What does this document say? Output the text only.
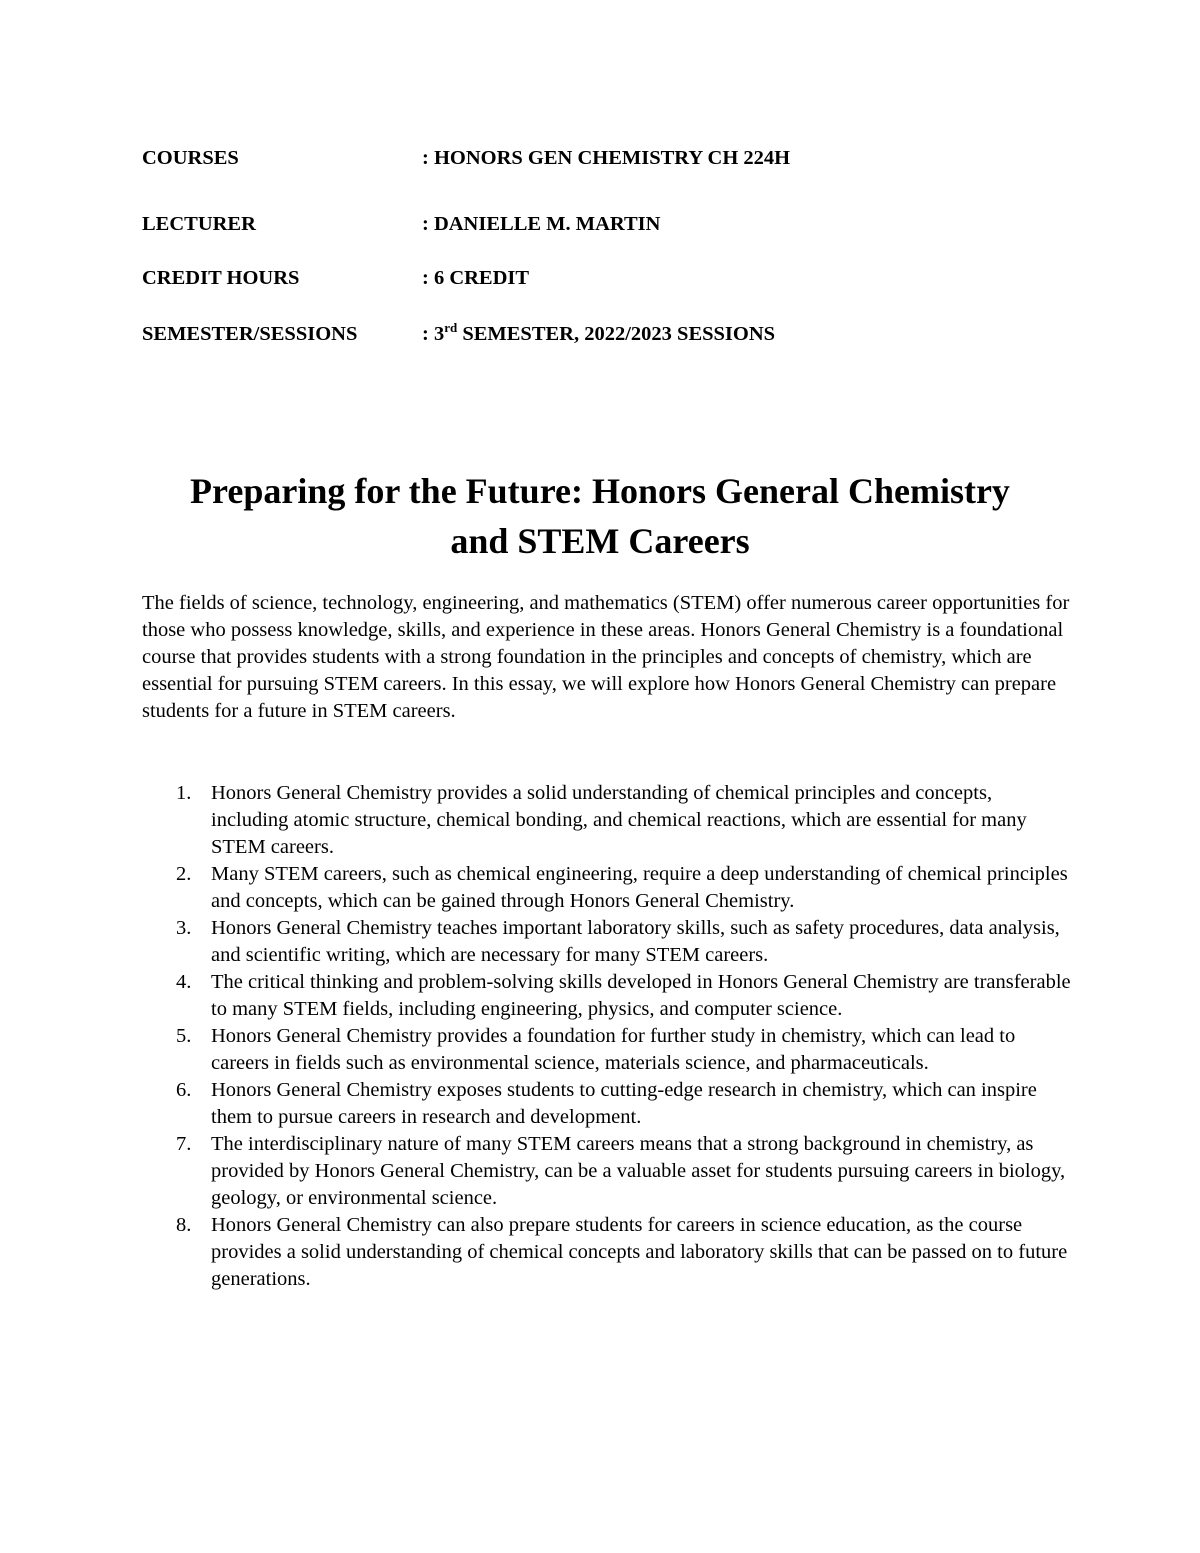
COURSES	: HONORS GEN CHEMISTRY CH 224H
LECTURER	: DANIELLE M. MARTIN
CREDIT HOURS	: 6 CREDIT
SEMESTER/SESSIONS	: 3rd SEMESTER, 2022/2023 SESSIONS
Preparing for the Future: Honors General Chemistry
and STEM Careers

The fields of science, technology, engineering, and mathematics (STEM) offer numerous career opportunities for those who possess knowledge, skills, and experience in these areas. Honors General Chemistry is a foundational course that provides students with a strong foundation in the principles and concepts of chemistry, which are essential for pursuing STEM careers. In this essay, we will explore how Honors General Chemistry can prepare students for a future in STEM careers.

1. Honors General Chemistry provides a solid understanding of chemical principles and concepts, including atomic structure, chemical bonding, and chemical reactions, which are essential for many STEM careers.
2. Many STEM careers, such as chemical engineering, require a deep understanding of chemical principles and concepts, which can be gained through Honors General Chemistry.
3. Honors General Chemistry teaches important laboratory skills, such as safety procedures, data analysis, and scientific writing, which are necessary for many STEM careers.
4. The critical thinking and problem-solving skills developed in Honors General Chemistry are transferable to many STEM fields, including engineering, physics, and computer science.
5. Honors General Chemistry provides a foundation for further study in chemistry, which can lead to careers in fields such as environmental science, materials science, and pharmaceuticals.
6. Honors General Chemistry exposes students to cutting-edge research in chemistry, which can inspire them to pursue careers in research and development.
7. The interdisciplinary nature of many STEM careers means that a strong background in chemistry, as provided by Honors General Chemistry, can be a valuable asset for students pursuing careers in biology, geology, or environmental science.
8. Honors General Chemistry can also prepare students for careers in science education, as the course provides a solid understanding of chemical concepts and laboratory skills that can be passed on to future generations.
